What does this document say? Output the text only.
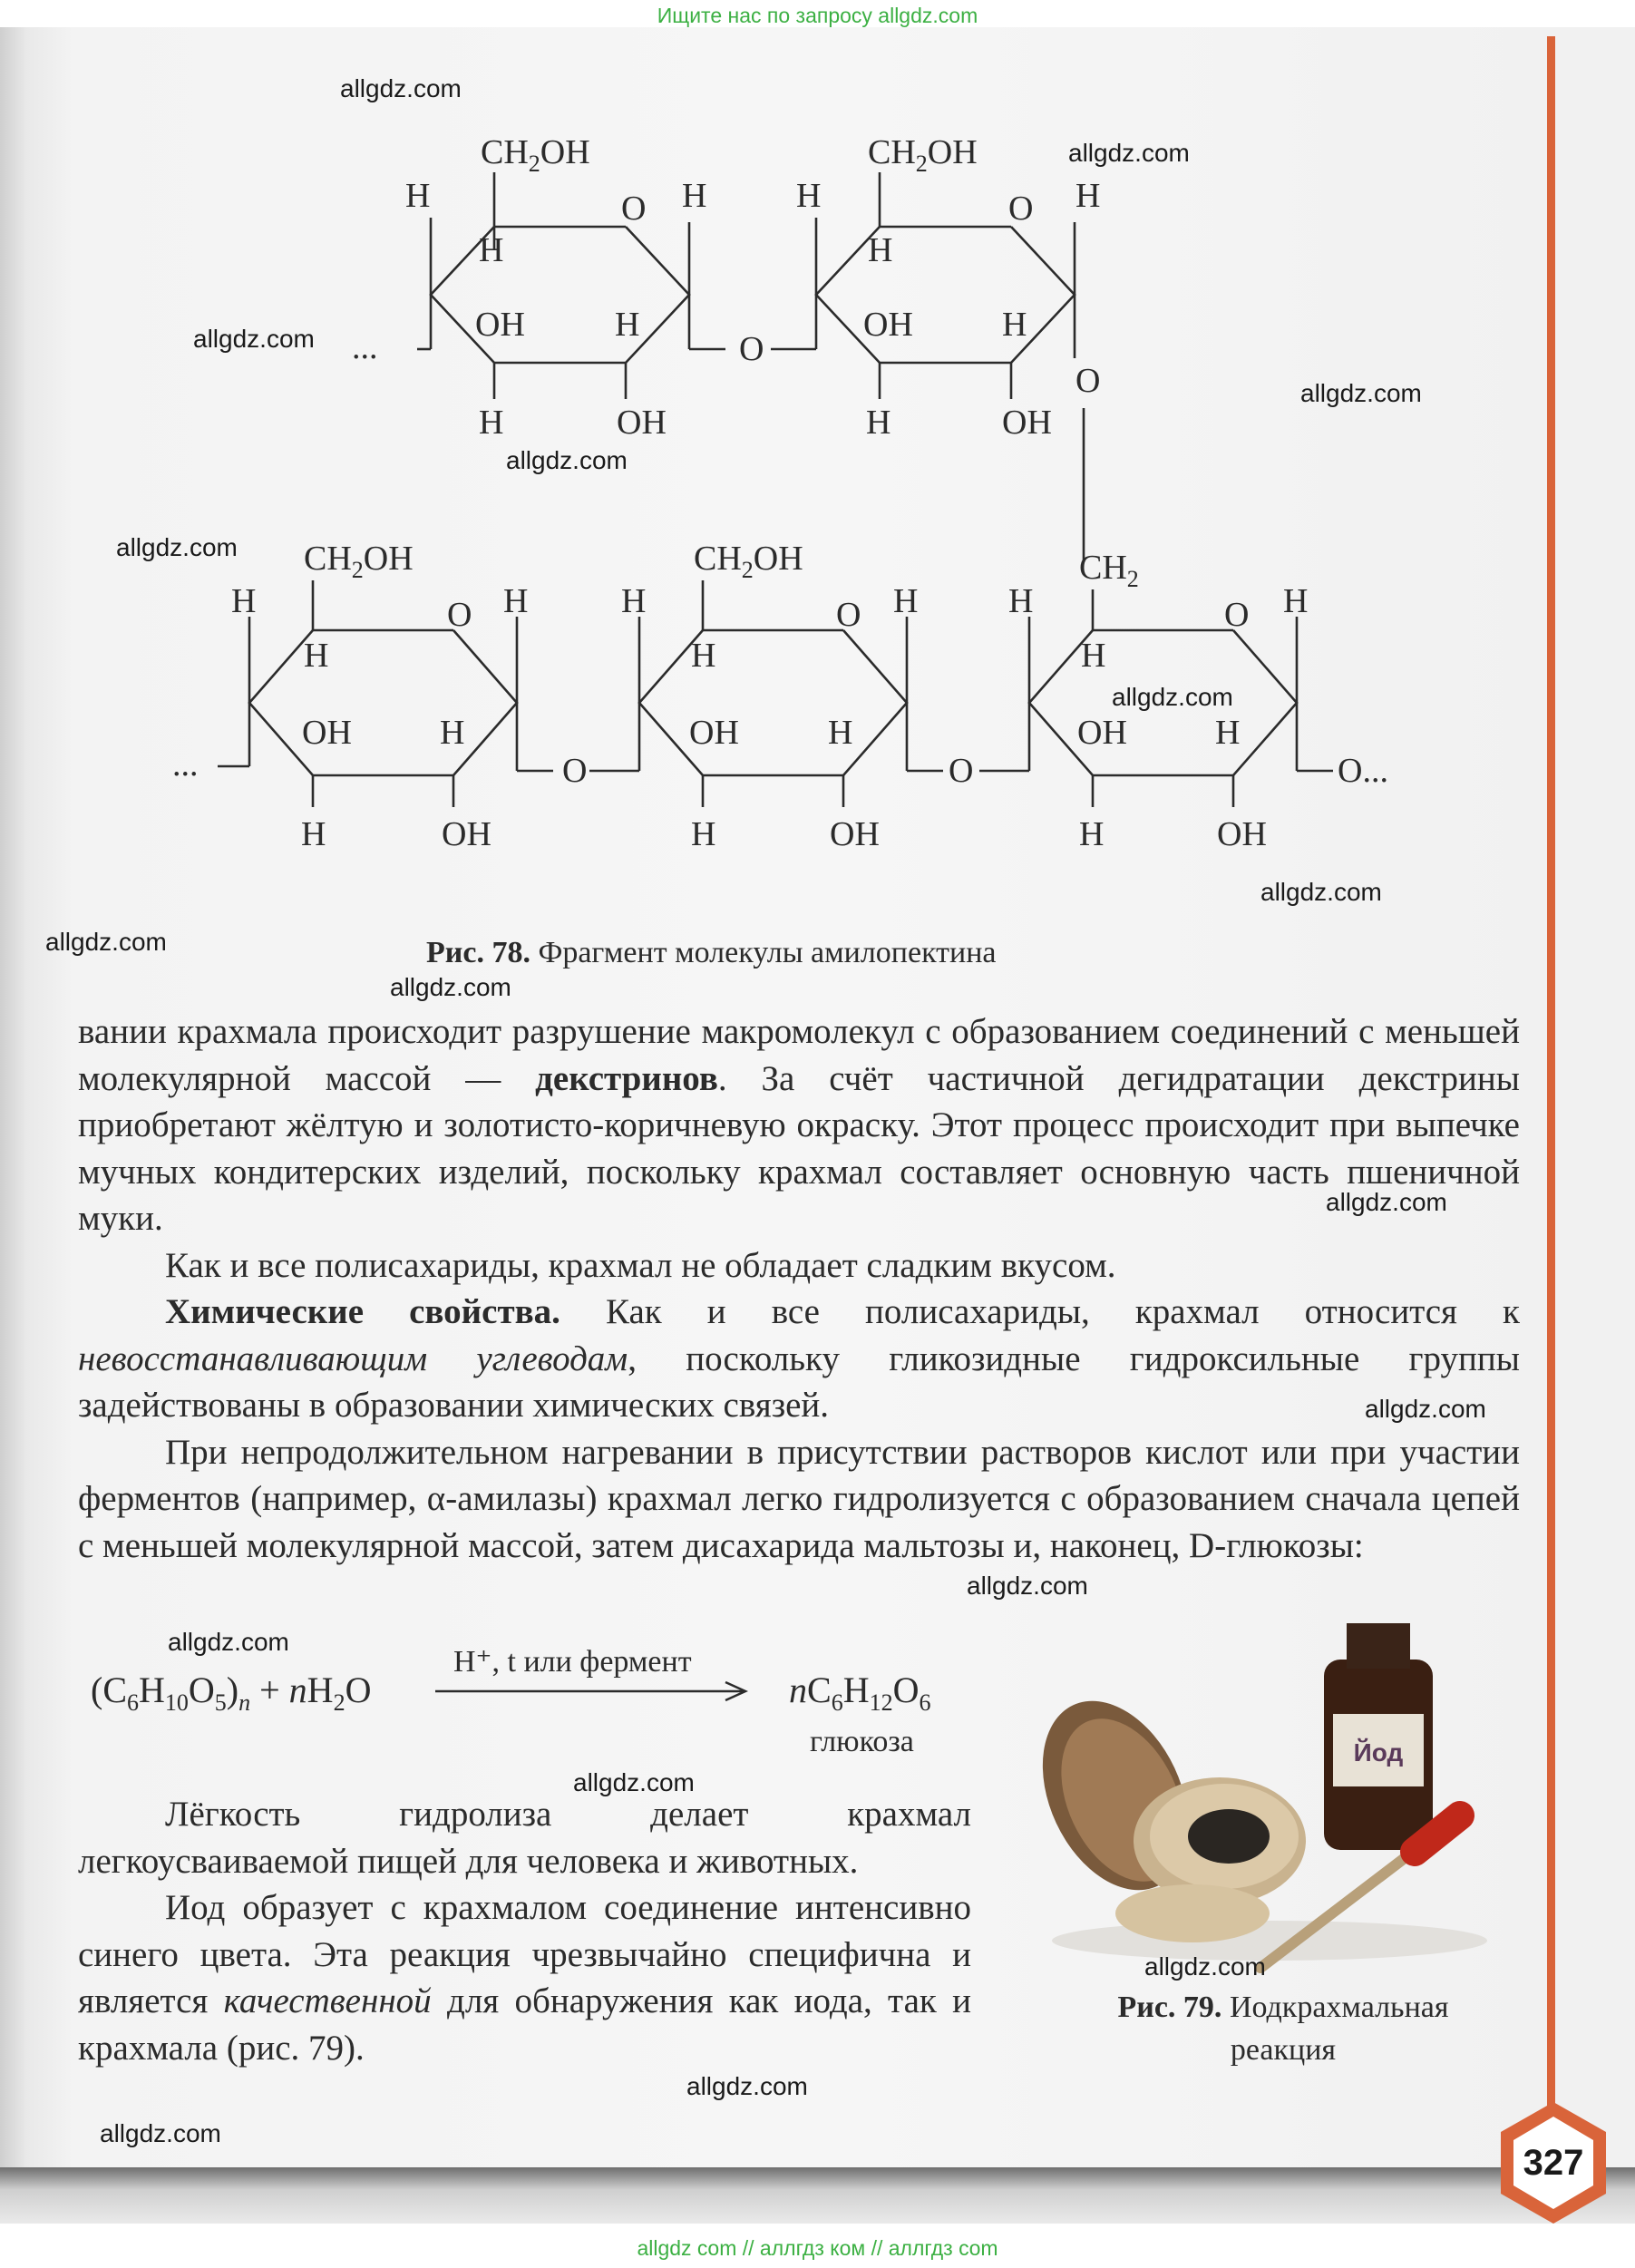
Ищите нас по запросу allgdz.com
$CH_2OH$
H	O H
H
OH	H
H	OH
...	O
$CH_2OH$
H	O H
H
OH	H
H	OH
O
$CH_2OH$
H	O H
H
OH	H
H	OH
...	O
$CH_2OH$
H	O H
H
OH	H
H	OH
O
$CH_2$
H	O H
H
OH	H
H	OH
O...
Рис. 78. Фрагмент молекулы амилопектина

вании крахмала происходит разрушение макромолекул с образованием соединений с меньшей молекулярной массой — декстринов. За счёт частичной дегидратации декстрины приобретают жёлтую и золотисто-коричневую окраску. Этот процесс происходит при выпечке мучных кондитерских изделий, поскольку крахмал составляет основную часть пшеничной муки.

Как и все полисахариды, крахмал не обладает сладким вкусом.

Химические свойства. Как и все полисахариды, крахмал относится к невосстанавливающим углеводам, поскольку гликозидные гидроксильные группы задействованы в образовании химических связей.

При непродолжительном нагревании в присутствии растворов кислот или при участии ферментов (например, α-амилазы) крахмал легко гидролизуется с образованием сначала цепей с меньшей молекулярной массой, затем дисахарида мальтозы и, наконец, D-глюкозы:

$(C_6H_{10}O_5)_n + nH_2O$
H⁺, t или фермент
$nC_6H_{12}O_6$
глюкоза

Лёгкость гидролиза делает крахмал легкоусваиваемой пищей для человека и животных.

Иод образует с крахмалом соединение интенсивно синего цвета. Эта реакция чрезвычайно специфична и является качественной для обнаружения как иода, так и крахмала (рис. 79).

Йод
Рис. 79. Иодкрахмальная
реакция
327
allgdz.com
allgdz.com
allgdz.com
allgdz.com
allgdz.com
allgdz.com
allgdz.com
allgdz.com
allgdz.com
allgdz.com
allgdz.com
allgdz.com
allgdz.com
allgdz.com
allgdz.com
allgdz.com
allgdz.com
allgdz.com
allgdz com // аллгдз ком // аллгдз com
